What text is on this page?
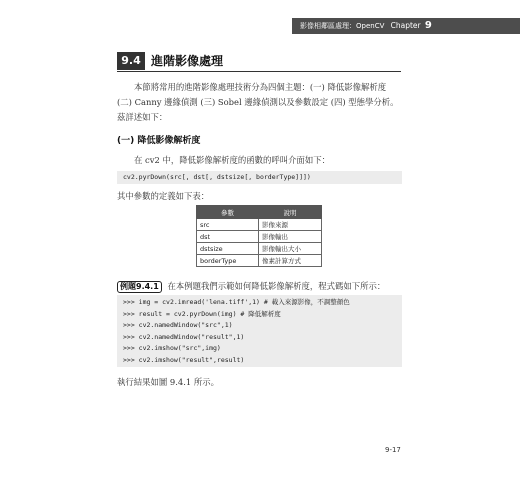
影像相鄰區處理：OpenCV Chapter 9
9.4 進階影像處理
本節將常用的進階影像處理技術分為四個主題：(一) 降低影像解析度 (二) Canny 邊緣偵測 (三) Sobel 邊緣偵測以及參數設定 (四) 型態學分析。茲詳述如下：
(一) 降低影像解析度
在 cv2 中，降低影像解析度的函數的呼叫介面如下：
cv2.pyrDown(src[, dst[, dstsize[, borderType]]])
其中參數的定義如下表：
參數	說明
src	影像來源
dst	影像輸出
dstsize	影像輸出大小
borderType	像素計算方式
例題9.4.1 在本例題我們示範如何降低影像解析度，程式碼如下所示：
>>> img = cv2.imread('lena.tiff',1) # 載入來源影像，不調整顏色
>>> result = cv2.pyrDown(img) # 降低解析度
>>> cv2.namedWindow("src",1)
>>> cv2.namedWindow("result",1)
>>> cv2.imshow("src",img)
>>> cv2.imshow("result",result)
執行結果如圖 9.4.1 所示。
9-17
